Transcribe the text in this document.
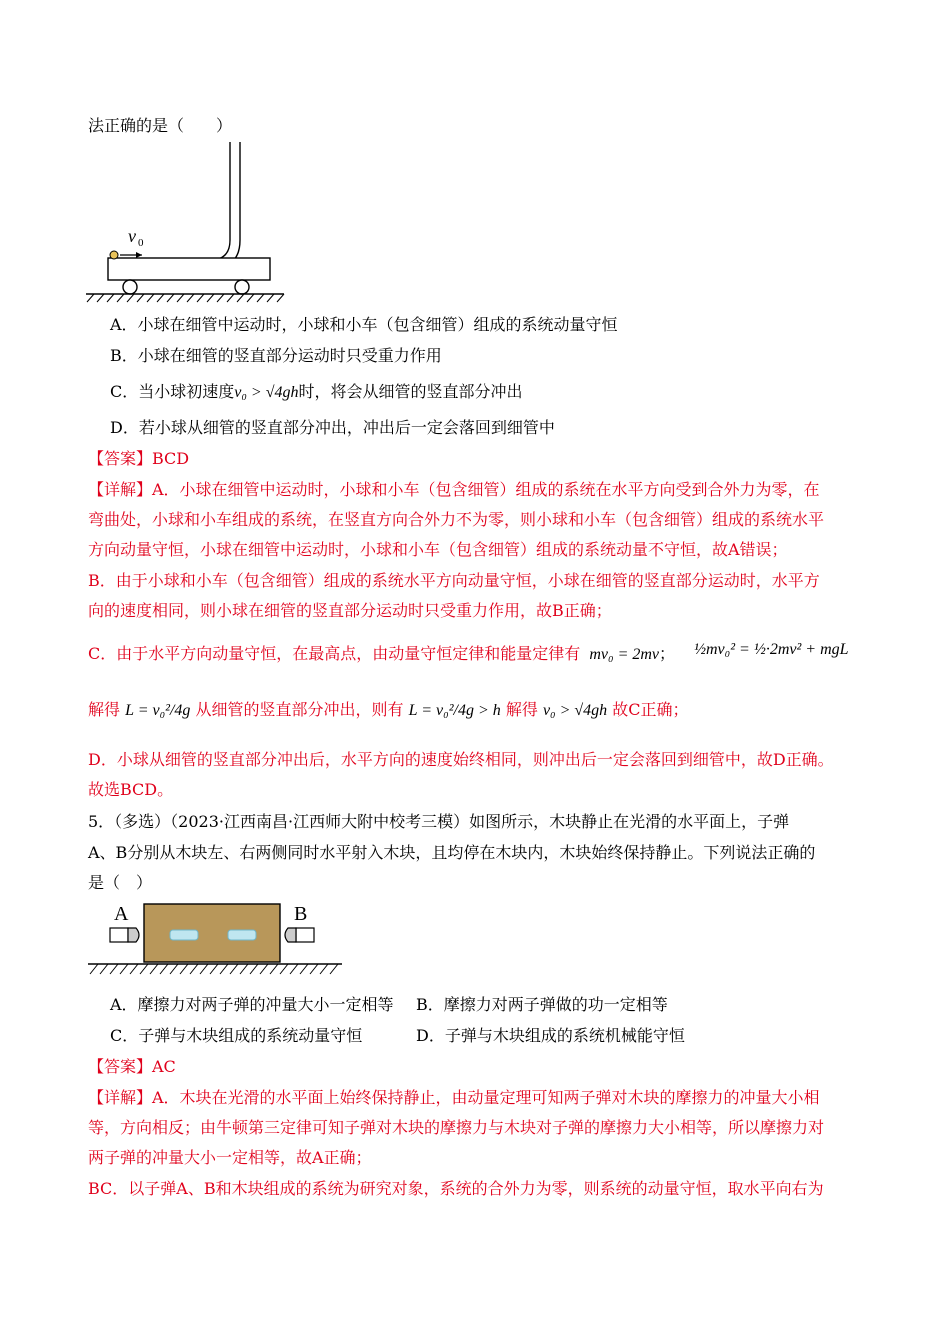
法正确的是（　　）
v 0
A．小球在细管中运动时，小球和小车（包含细管）组成的系统动量守恒
B．小球在细管的竖直部分运动时只受重力作用
C．当小球初速度v₀ > √4gh时，将会从细管的竖直部分冲出
D．若小球从细管的竖直部分冲出，冲出后一定会落回到细管中
【答案】BCD
【详解】A．小球在细管中运动时，小球和小车（包含细管）组成的系统在水平方向受到合外力为零，在
弯曲处，小球和小车组成的系统，在竖直方向合外力不为零，则小球和小车（包含细管）组成的系统水平
方向动量守恒，小球在细管中运动时，小球和小车（包含细管）组成的系统动量不守恒，故A错误；
B．由于小球和小车（包含细管）组成的系统水平方向动量守恒，小球在细管的竖直部分运动时，水平方
向的速度相同，则小球在细管的竖直部分运动时只受重力作用，故B正确；
C．由于水平方向动量守恒，在最高点，由动量守恒定律和能量定律有 mv₀ = 2mv； ½mv₀² = ½·2mv² + mgL
解得 L = v₀²/4g 从细管的竖直部分冲出，则有 L = v₀²/4g > h 解得 v₀ > √4gh 故C正确；
D．小球从细管的竖直部分冲出后，水平方向的速度始终相同，则冲出后一定会落回到细管中，故D正确。
故选BCD。
5．（多选）（2023·江西南昌·江西师大附中校考三模）如图所示，木块静止在光滑的水平面上，子弹
A、B分别从木块左、右两侧同时水平射入木块，且均停在木块内，木块始终保持静止。下列说法正确的
是（　）
A	B
A．摩擦力对两子弹的冲量大小一定相等 B．摩擦力对两子弹做的功一定相等
C．子弹与木块组成的系统动量守恒	D．子弹与木块组成的系统机械能守恒
【答案】AC
【详解】A．木块在光滑的水平面上始终保持静止，由动量定理可知两子弹对木块的摩擦力的冲量大小相
等，方向相反；由牛顿第三定律可知子弹对木块的摩擦力与木块对子弹的摩擦力大小相等，所以摩擦力对
两子弹的冲量大小一定相等，故A正确；
BC．以子弹A、B和木块组成的系统为研究对象，系统的合外力为零，则系统的动量守恒，取水平向右为
